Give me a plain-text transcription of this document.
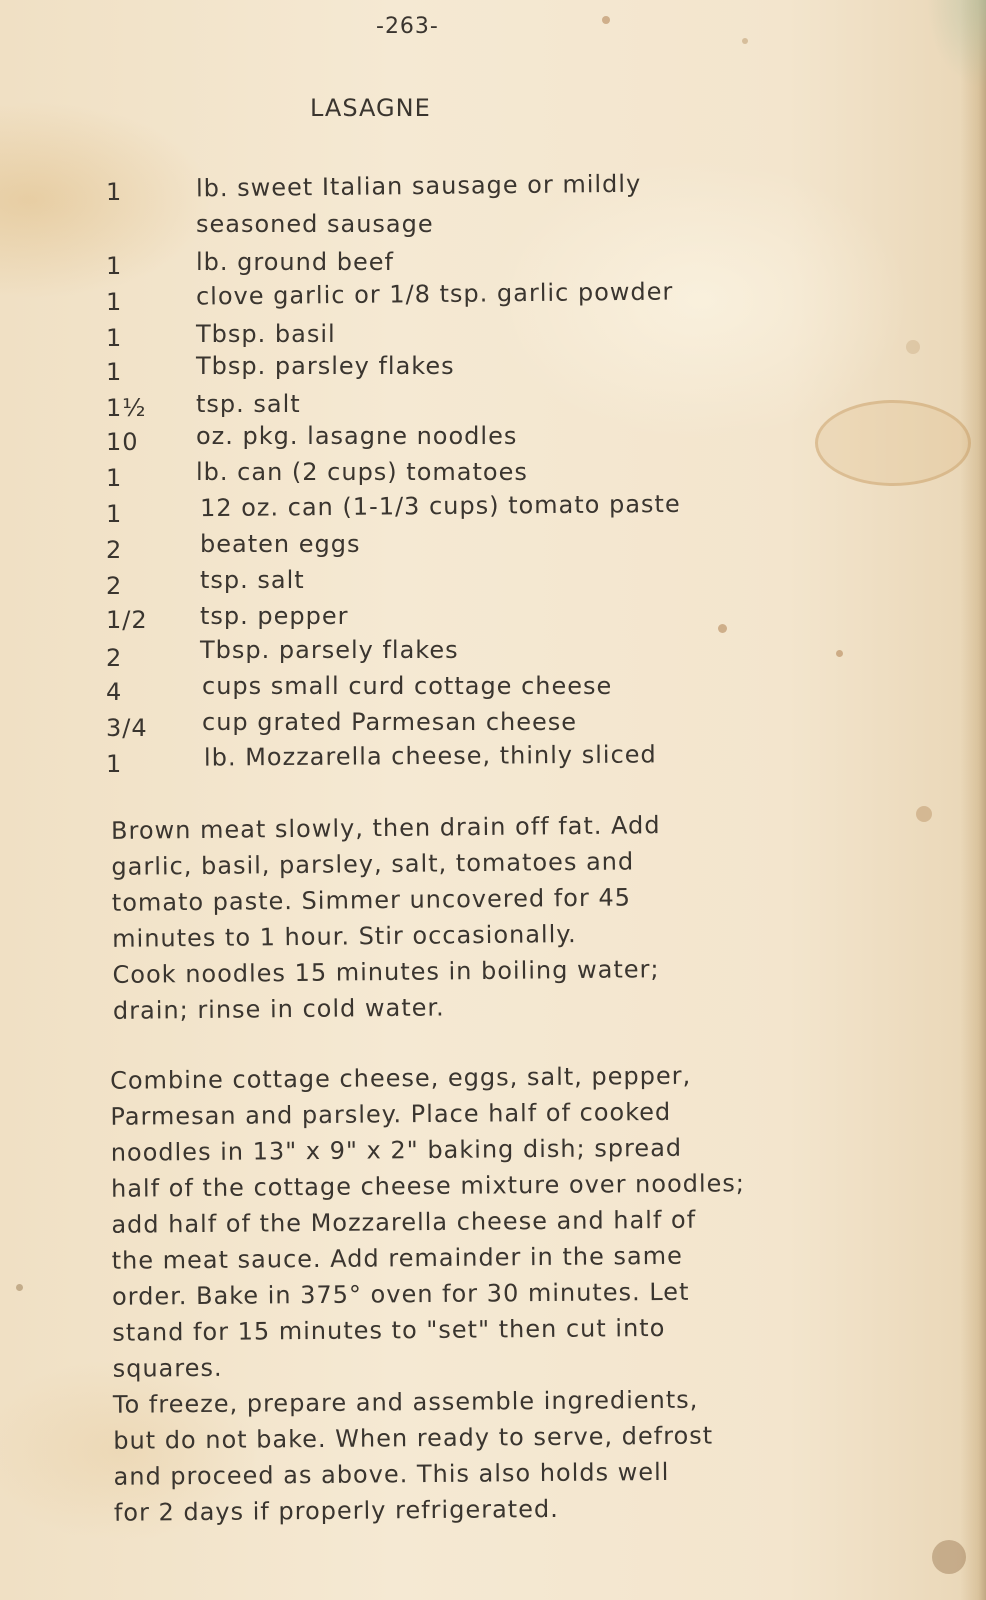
-263-
LASAGNE
1	lb. sweet Italian sausage or mildly
seasoned sausage
1	lb. ground beef
1	clove garlic or 1/8 tsp. garlic powder
1	Tbsp. basil
1	Tbsp. parsley flakes
1½ tsp. salt
10 oz. pkg. lasagne noodles
1	lb. can (2 cups) tomatoes
1	12 oz. can (1-1/3 cups) tomato paste
2	beaten eggs
2	tsp. salt
1/2 tsp. pepper
2	Tbsp. parsely flakes
4	cups small curd cottage cheese
3/4 cup grated Parmesan cheese
1	lb. Mozzarella cheese, thinly sliced
Brown meat slowly, then drain off fat. Add
garlic, basil, parsley, salt, tomatoes and
tomato paste. Simmer uncovered for 45
minutes to 1 hour. Stir occasionally.
Cook noodles 15 minutes in boiling water;
drain; rinse in cold water.
Combine cottage cheese, eggs, salt, pepper,
Parmesan and parsley. Place half of cooked
noodles in 13" x 9" x 2" baking dish; spread
half of the cottage cheese mixture over noodles;
add half of the Mozzarella cheese and half of
the meat sauce. Add remainder in the same
order. Bake in 375° oven for 30 minutes. Let
stand for 15 minutes to "set" then cut into
squares.
To freeze, prepare and assemble ingredients,
but do not bake. When ready to serve, defrost
and proceed as above. This also holds well
for 2 days if properly refrigerated.
